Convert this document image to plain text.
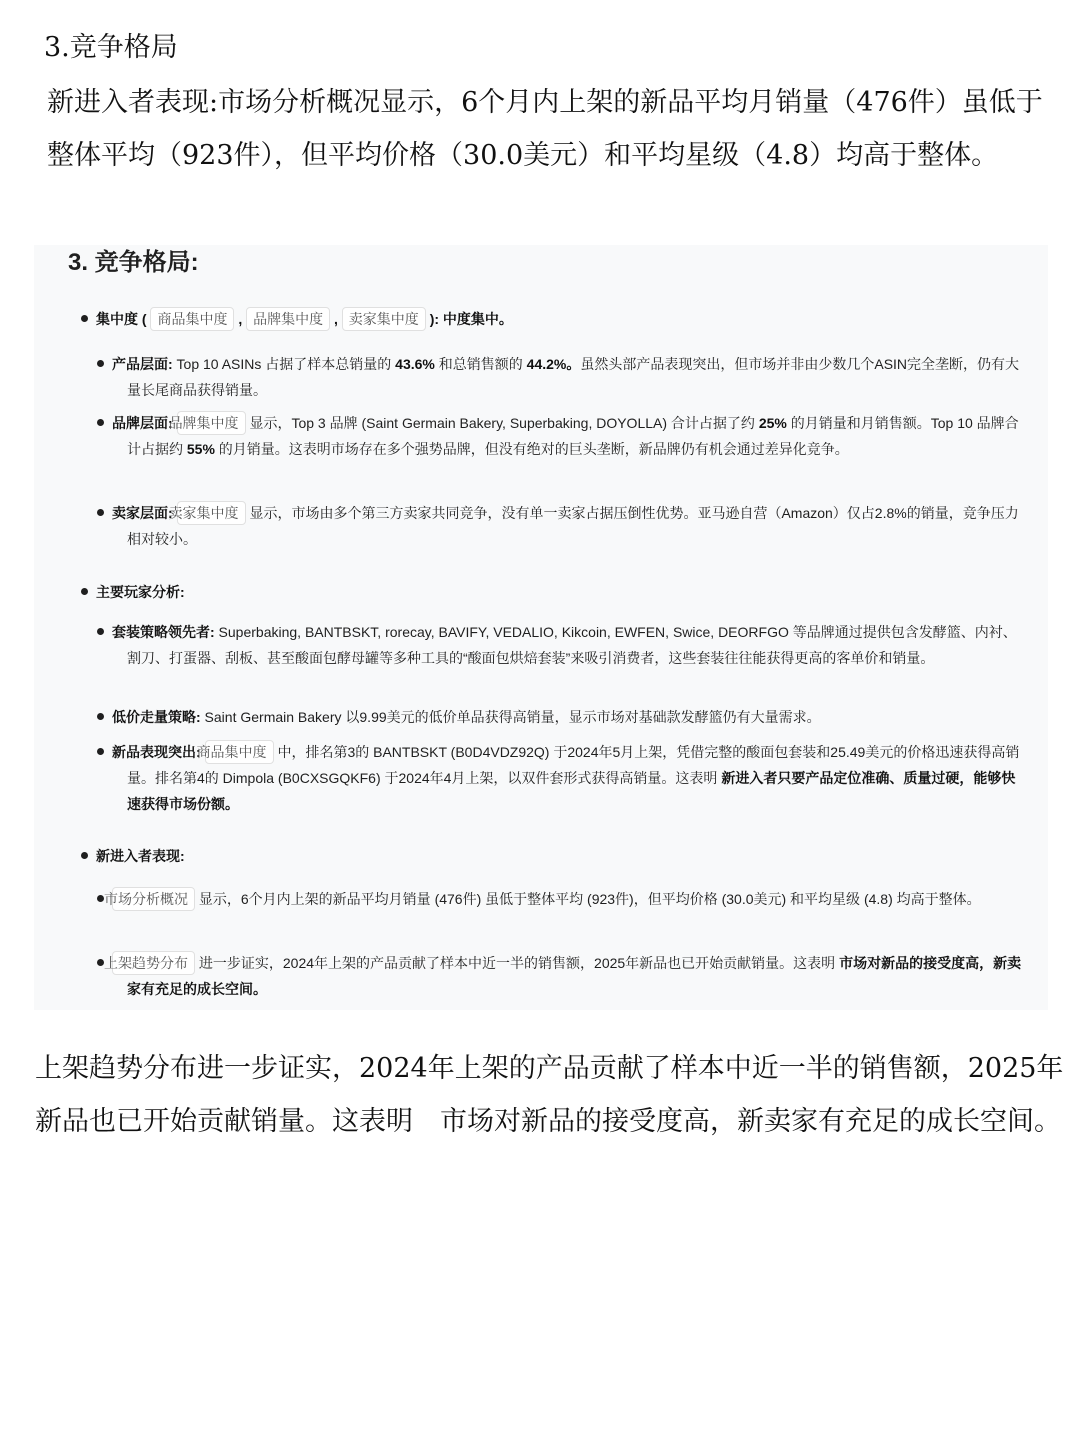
3.竞争格局
新进入者表现:市场分析概况显示，6个月内上架的新品平均月销量（476件）虽低于整体平均（923件），但平均价格（30.0美元）和平均星级（4.8）均高于整体。
3. 竞争格局:
集中度 ( 商品集中度 , 品牌集中度 , 卖家集中度 ): 中度集中。
产品层面: Top 10 ASINs 占据了样本总销量的 43.6% 和总销售额的 44.2%。虽然头部产品表现突出，但市场并非由少数几个ASIN完全垄断，仍有大量长尾商品获得销量。
品牌层面: 品牌集中度 显示，Top 3 品牌 (Saint Germain Bakery, Superbaking, DOYOLLA) 合计占据了约 25% 的月销量和月销售额。Top 10 品牌合计占据约 55% 的月销量。这表明市场存在多个强势品牌，但没有绝对的巨头垄断，新品牌仍有机会通过差异化竞争。
卖家层面: 卖家集中度 显示，市场由多个第三方卖家共同竞争，没有单一卖家占据压倒性优势。亚马逊自营（Amazon）仅占2.8%的销量，竞争压力相对较小。
主要玩家分析:
套装策略领先者: Superbaking, BANTBSKT, rorecay, BAVIFY, VEDALIO, Kikcoin, EWFEN, Swice, DEORFGO 等品牌通过提供包含发酵篮、内衬、割刀、打蛋器、刮板、甚至酸面包酵母罐等多种工具的“酸面包烘焙套装”来吸引消费者，这些套装往往能获得更高的客单价和销量。
低价走量策略: Saint Germain Bakery 以9.99美元的低价单品获得高销量，显示市场对基础款发酵篮仍有大量需求。
新品表现突出: 商品集中度 中，排名第3的 BANTBSKT (B0D4VDZ92Q) 于2024年5月上架，凭借完整的酸面包套装和25.49美元的价格迅速获得高销量。排名第4的 Dimpola (B0CXSGQKF6) 于2024年4月上架，以双件套形式获得高销量。这表明 新进入者只要产品定位准确、质量过硬，能够快速获得市场份额。
新进入者表现:
市场分析概况 显示，6个月内上架的新品平均月销量 (476件) 虽低于整体平均 (923件)，但平均价格 (30.0美元) 和平均星级 (4.8) 均高于整体。
上架趋势分布 进一步证实，2024年上架的产品贡献了样本中近一半的销售额，2025年新品也已开始贡献销量。这表明 市场对新品的接受度高，新卖家有充足的成长空间。
上架趋势分布进一步证实，2024年上架的产品贡献了样本中近一半的销售额，2025年新品也已开始贡献销量。这表明　市场对新品的接受度高，新卖家有充足的成长空间。
